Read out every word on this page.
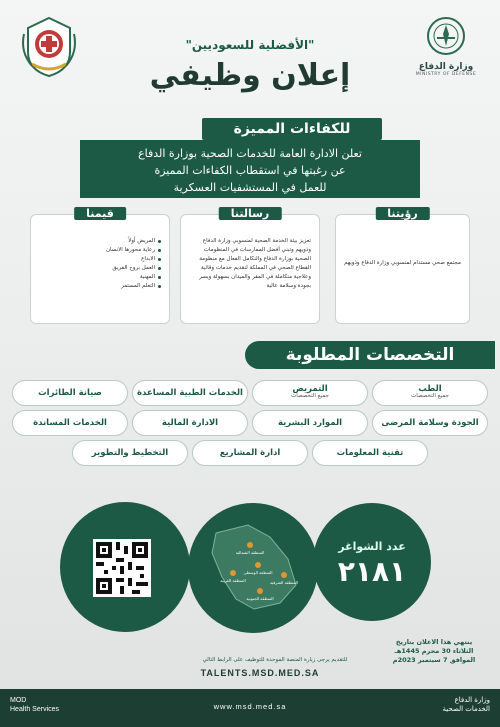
وزارة الدفاع
MINISTRY OF DEFENSE
"الأفضلية للسعوديين"
إعلان وظيفي
للكفاءات المميزة
تعلن الادارة العامة للخدمات الصحية بوزارة الدفاع
عن رغبتها في استقطاب الكفاءات المميزة
للعمل في المستشفيات العسكرية
قيمنا
المريض أولاً
رعاية محورها الانسان
الابداع
العمل بروح الفريق
المهنية
التعلم المستمر
رسالتنا
تعزيز بيئة الخدمة الصحية لمنسوبي وزارة الدفاع وذويهم وتبني أفضل الممارسات في المنظومات الصحية بوزارة الدفاع والتكامل الفعال مع منظومة القطاع الصحي في المملكة لتقديم خدمات وقائية وعلاجية متكاملة في المقر والميدان بسهولة ويسر بجودة وسلامة عالية
رؤيتنا
مجتمع صحي مستدام لمنسوبي وزارة الدفاع وذويهم
التخصصات المطلوبة
الطب
جميع التخصصات
التمريض
جميع التخصصات
الخدمات الطبية المساعدة
صيانة الطائرات
الجودة وسلامة المرضى
الموارد البشرية
الادارة المالية
الخدمات المساندة
تقنية المعلومات
ادارة المشاريع
التخطيط والتطوير
المنطقة الشمالية
المنطقة الوسطى
المنطقة الغربية	المنطقة الشرقية
المنطقة الجنوبية
عدد الشواغر
٢١٨١
ينتهي هذا الاعلان بتاريخ
الثلاثاء 30 محرم 1445هـ
الموافق 7 سبتمبر 2023م
للتقديم يرجى زيارة المنصة الموحدة للتوظيف على الرابط التالي
TALENTS.MSD.MED.SA
MOD
Health Services	www.msd.med.sa
وزارة الدفاع
الخدمات الصحية
